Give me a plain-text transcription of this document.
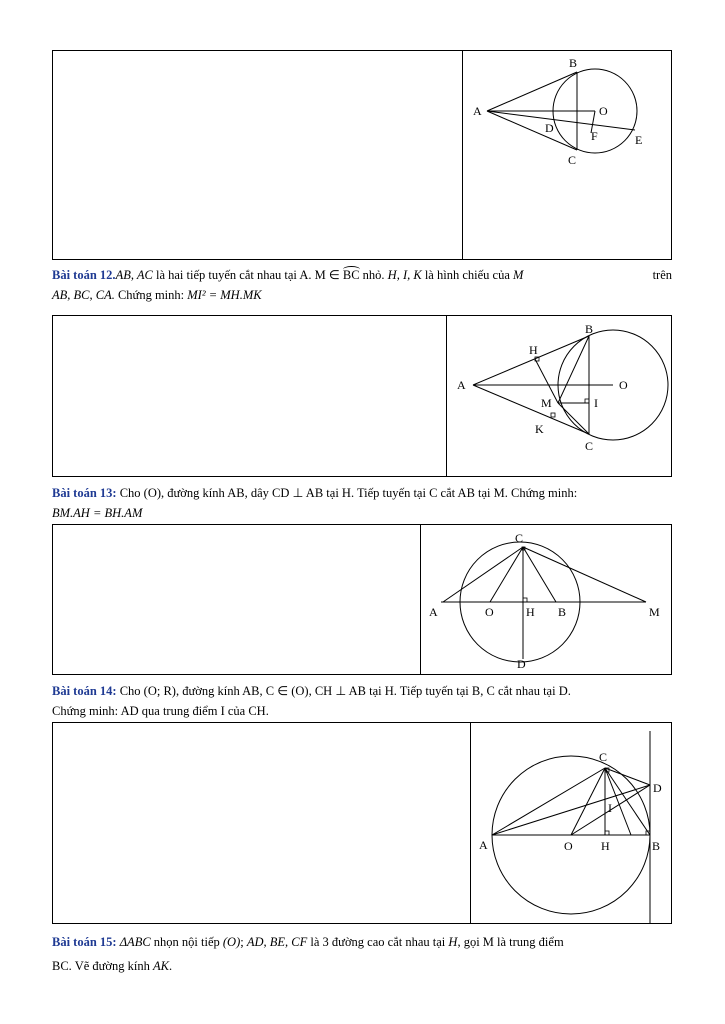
A
B
C
D
E
F
O
Bài toán 12.AB, AC là hai tiếp tuyến cắt nhau tại A. M ∈
BC nhỏ. H, I, K là hình chiếu của M	trên
AB, BC, CA. Chứng minh: MI² = MH.MK
B
H
A	O
M	I
K
C
Bài toán 13: Cho (O), đường kính AB, dây CD ⊥ AB tại H. Tiếp tuyến tại C cắt AB tại M. Chứng minh:
BM.AH = BH.AM
C
A	O	H B	M
D
Bài toán 14: Cho (O; R), đường kính AB, C ∈ (O), CH ⊥ AB tại H. Tiếp tuyến tại B, C cắt nhau tại D.
Chứng minh: AD qua trung điểm I của CH.
C
D
I
A	O H	B
Bài toán 15: ΔABC nhọn nội tiếp (O); AD, BE, CF là 3 đường cao cắt nhau tại H, gọi M là trung điểm
BC. Vẽ đường kính AK.
